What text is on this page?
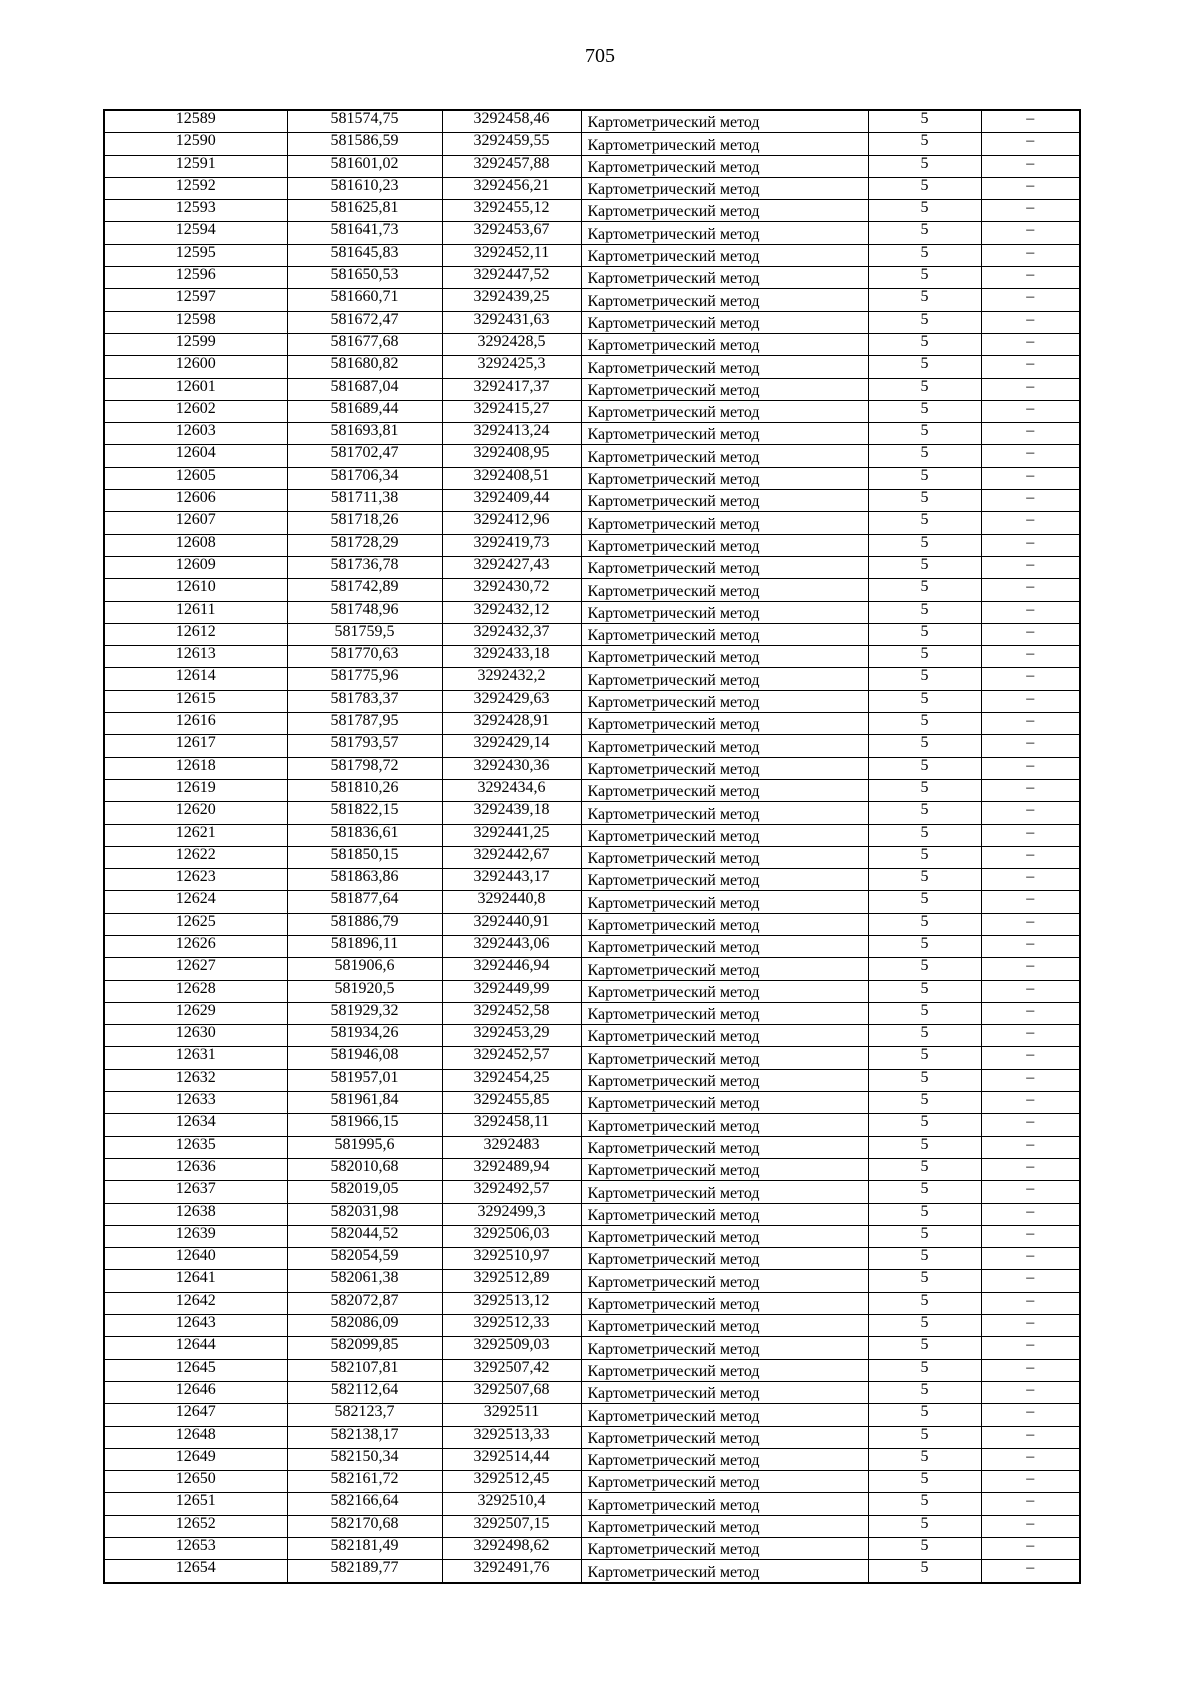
705
12589	581574,75	3292458,46	Картометрический метод	5	–
12590	581586,59	3292459,55	Картометрический метод	5	–
12591	581601,02	3292457,88	Картометрический метод	5	–
12592	581610,23	3292456,21	Картометрический метод	5	–
12593	581625,81	3292455,12	Картометрический метод	5	–
12594	581641,73	3292453,67	Картометрический метод	5	–
12595	581645,83	3292452,11	Картометрический метод	5	–
12596	581650,53	3292447,52	Картометрический метод	5	–
12597	581660,71	3292439,25	Картометрический метод	5	–
12598	581672,47	3292431,63	Картометрический метод	5	–
12599	581677,68	3292428,5	Картометрический метод	5	–
12600	581680,82	3292425,3	Картометрический метод	5	–
12601	581687,04	3292417,37	Картометрический метод	5	–
12602	581689,44	3292415,27	Картометрический метод	5	–
12603	581693,81	3292413,24	Картометрический метод	5	–
12604	581702,47	3292408,95	Картометрический метод	5	–
12605	581706,34	3292408,51	Картометрический метод	5	–
12606	581711,38	3292409,44	Картометрический метод	5	–
12607	581718,26	3292412,96	Картометрический метод	5	–
12608	581728,29	3292419,73	Картометрический метод	5	–
12609	581736,78	3292427,43	Картометрический метод	5	–
12610	581742,89	3292430,72	Картометрический метод	5	–
12611	581748,96	3292432,12	Картометрический метод	5	–
12612	581759,5	3292432,37	Картометрический метод	5	–
12613	581770,63	3292433,18	Картометрический метод	5	–
12614	581775,96	3292432,2	Картометрический метод	5	–
12615	581783,37	3292429,63	Картометрический метод	5	–
12616	581787,95	3292428,91	Картометрический метод	5	–
12617	581793,57	3292429,14	Картометрический метод	5	–
12618	581798,72	3292430,36	Картометрический метод	5	–
12619	581810,26	3292434,6	Картометрический метод	5	–
12620	581822,15	3292439,18	Картометрический метод	5	–
12621	581836,61	3292441,25	Картометрический метод	5	–
12622	581850,15	3292442,67	Картометрический метод	5	–
12623	581863,86	3292443,17	Картометрический метод	5	–
12624	581877,64	3292440,8	Картометрический метод	5	–
12625	581886,79	3292440,91	Картометрический метод	5	–
12626	581896,11	3292443,06	Картометрический метод	5	–
12627	581906,6	3292446,94	Картометрический метод	5	–
12628	581920,5	3292449,99	Картометрический метод	5	–
12629	581929,32	3292452,58	Картометрический метод	5	–
12630	581934,26	3292453,29	Картометрический метод	5	–
12631	581946,08	3292452,57	Картометрический метод	5	–
12632	581957,01	3292454,25	Картометрический метод	5	–
12633	581961,84	3292455,85	Картометрический метод	5	–
12634	581966,15	3292458,11	Картометрический метод	5	–
12635	581995,6	3292483	Картометрический метод	5	–
12636	582010,68	3292489,94	Картометрический метод	5	–
12637	582019,05	3292492,57	Картометрический метод	5	–
12638	582031,98	3292499,3	Картометрический метод	5	–
12639	582044,52	3292506,03	Картометрический метод	5	–
12640	582054,59	3292510,97	Картометрический метод	5	–
12641	582061,38	3292512,89	Картометрический метод	5	–
12642	582072,87	3292513,12	Картометрический метод	5	–
12643	582086,09	3292512,33	Картометрический метод	5	–
12644	582099,85	3292509,03	Картометрический метод	5	–
12645	582107,81	3292507,42	Картометрический метод	5	–
12646	582112,64	3292507,68	Картометрический метод	5	–
12647	582123,7	3292511	Картометрический метод	5	–
12648	582138,17	3292513,33	Картометрический метод	5	–
12649	582150,34	3292514,44	Картометрический метод	5	–
12650	582161,72	3292512,45	Картометрический метод	5	–
12651	582166,64	3292510,4	Картометрический метод	5	–
12652	582170,68	3292507,15	Картометрический метод	5	–
12653	582181,49	3292498,62	Картометрический метод	5	–
12654	582189,77	3292491,76	Картометрический метод	5	–
